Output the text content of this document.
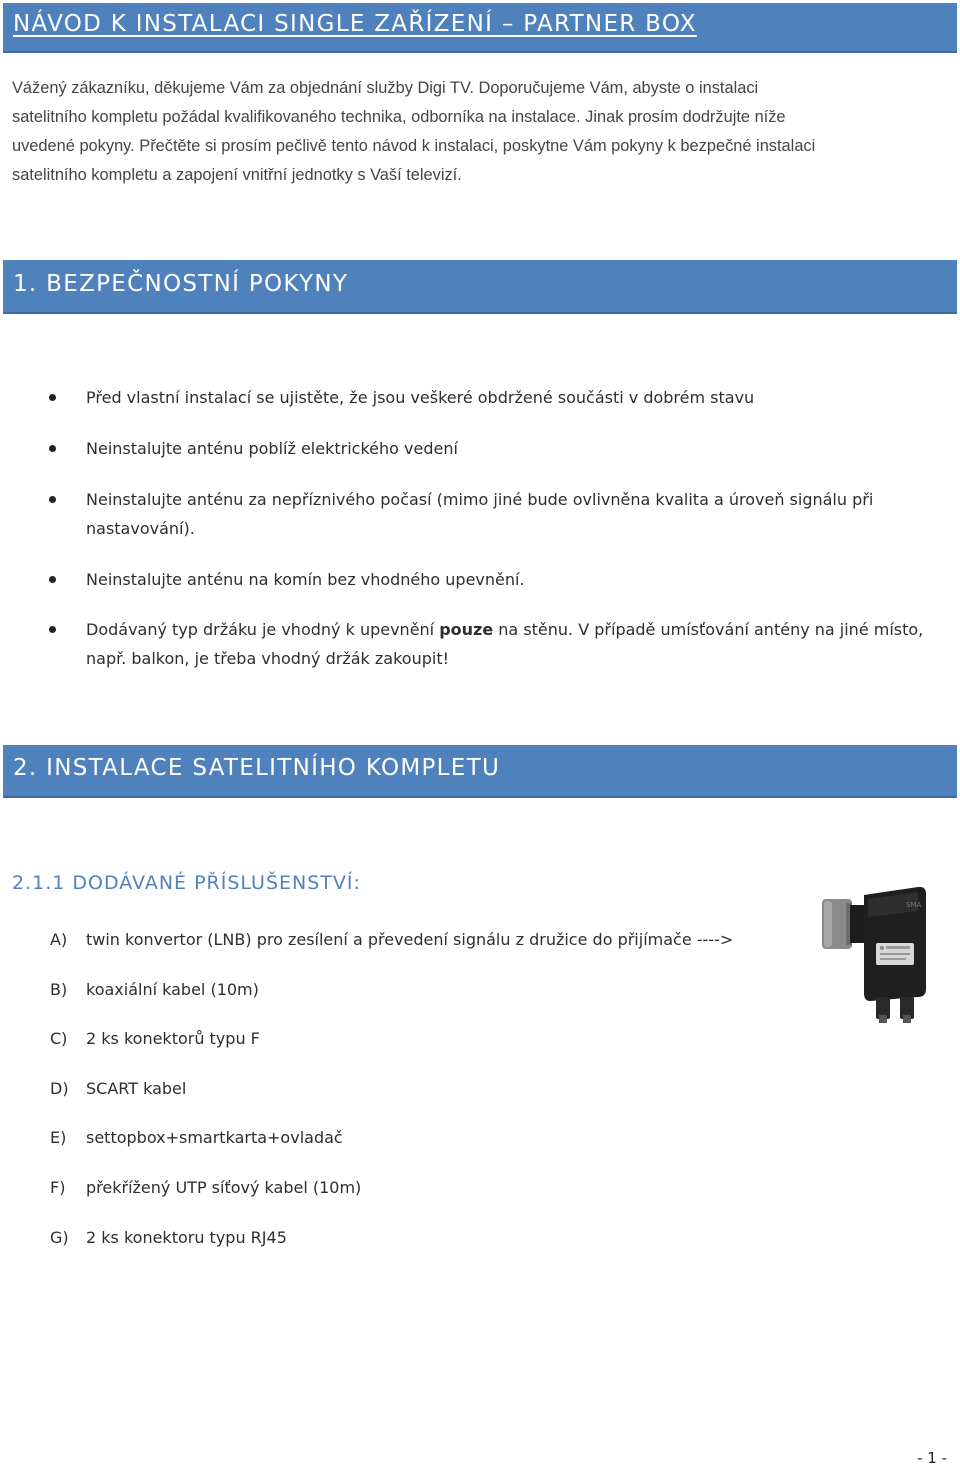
NÁVOD K INSTALACI SINGLE ZAŘÍZENÍ – PARTNER BOX

Vážený zákazníku, děkujeme Vám za objednání služby Digi TV. Doporučujeme Vám, abyste o instalaci

satelitního kompletu požádal kvalifikovaného technika, odborníka na instalace. Jinak prosím dodržujte níže

uvedené pokyny. Přečtěte si prosím pečlivě tento návod k instalaci, poskytne Vám pokyny k bezpečné instalaci

satelitního kompletu a zapojení vnitřní jednotky s Vaší televizí.

1. BEZPEČNOSTNÍ POKYNY
Před vlastní instalací se ujistěte, že jsou veškeré obdržené součásti v dobrém stavu
Neinstalujte anténu poblíž elektrického vedení
Neinstalujte anténu za nepříznivého počasí (mimo jiné bude ovlivněna kvalita a úroveň signálu při nastavování).
Neinstalujte anténu na komín bez vhodného upevnění.
Dodávaný typ držáku je vhodný k upevnění pouze na stěnu. V případě umísťování antény na jiné místo, např. balkon, je třeba vhodný držák zakoupit!
2. INSTALACE SATELITNÍHO KOMPLETU
2.1.1 DODÁVANÉ PŘÍSLUŠENSTVÍ:
A) twin konvertor (LNB) pro zesílení a převedení signálu z družice do přijímače ---->
B) koaxiální kabel (10m)
C) 2 ks konektorů typu F
D) SCART kabel
E) settopbox+smartkarta+ovladač
F) překřížený UTP síťový kabel (10m)
G) 2 ks konektoru typu RJ45
SMA
- 1 -
